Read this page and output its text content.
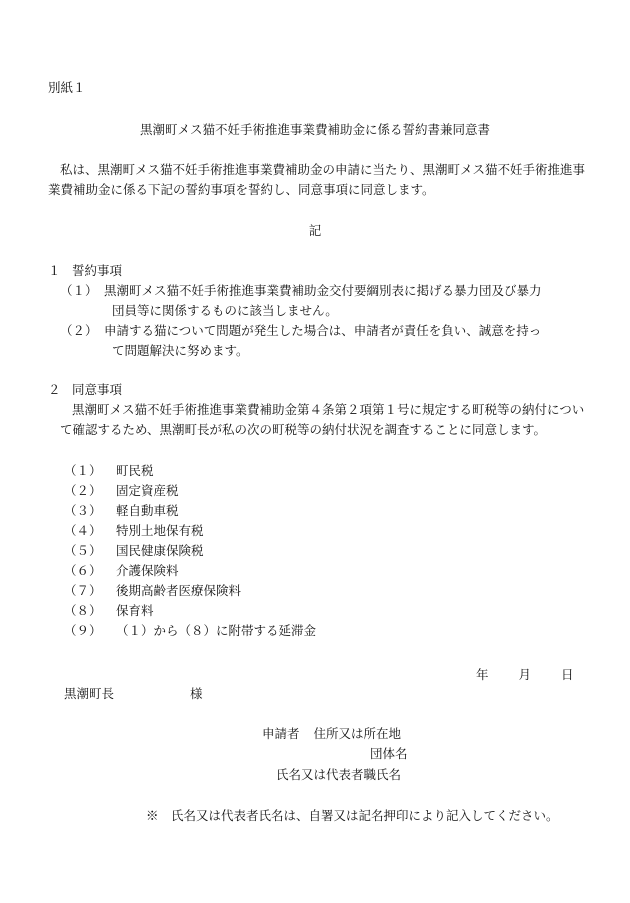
別紙１
黒潮町メス猫不妊手術推進事業費補助金に係る誓約書兼同意書
私は、黒潮町メス猫不妊手術推進事業費補助金の申請に当たり、黒潮町メス猫不妊手術推進事業費補助金に係る下記の誓約事項を誓約し、同意事項に同意します。
記
１ 誓約事項
（１） 黒潮町メス猫不妊手術推進事業費補助金交付要綱別表に掲げる暴力団及び暴力
団員等に関係するものに該当しません。
（２） 申請する猫について問題が発生した場合は、申請者が責任を負い、誠意を持っ
て問題解決に努めます。
２ 同意事項
黒潮町メス猫不妊手術推進事業費補助金第４条第２項第１号に規定する町税等の納付について確認するため、黒潮町長が私の次の町税等の納付状況を調査することに同意します。
（１） 町民税
（２） 固定資産税
（３） 軽自動車税
（４） 特別土地保有税
（５） 国民健康保険税
（６） 介護保険料
（７） 後期高齢者医療保険料
（８） 保育料
（９） （１）から（８）に附帯する延滞金
年 月 日
黒潮町長	様
申請者 住所又は所在地
団体名
氏名又は代表者職氏名
※　氏名又は代表者氏名は、自署又は記名押印により記入してください。
